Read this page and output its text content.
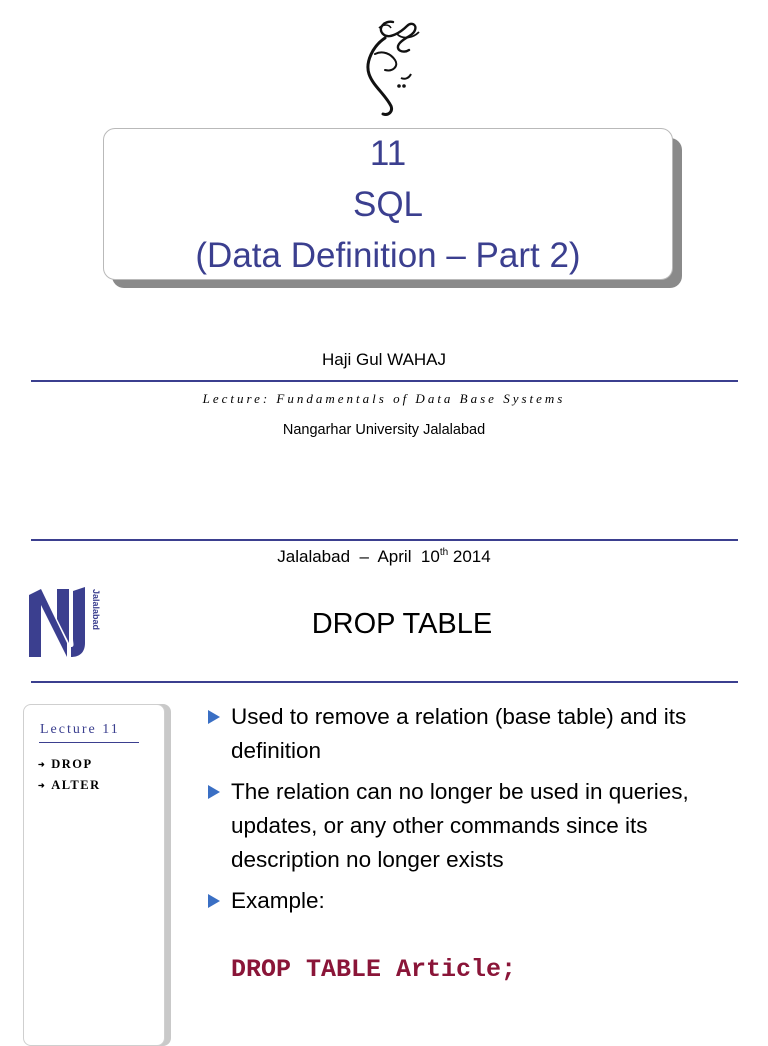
11
SQL
(Data Definition – Part 2)
Haji Gul WAHAJ
Lecture: Fundamentals of Data Base Systems
Nangarhar University Jalalabad
Jalalabad  –  April  10th 2014
Jalalabad	DROP TABLE
Lecture 11
➜ DROP
➜ ALTER
Used to remove a relation (base table) and its definition
The relation can no longer be used in queries, updates, or any other commands since its description no longer exists
Example:
DROP TABLE Article;
